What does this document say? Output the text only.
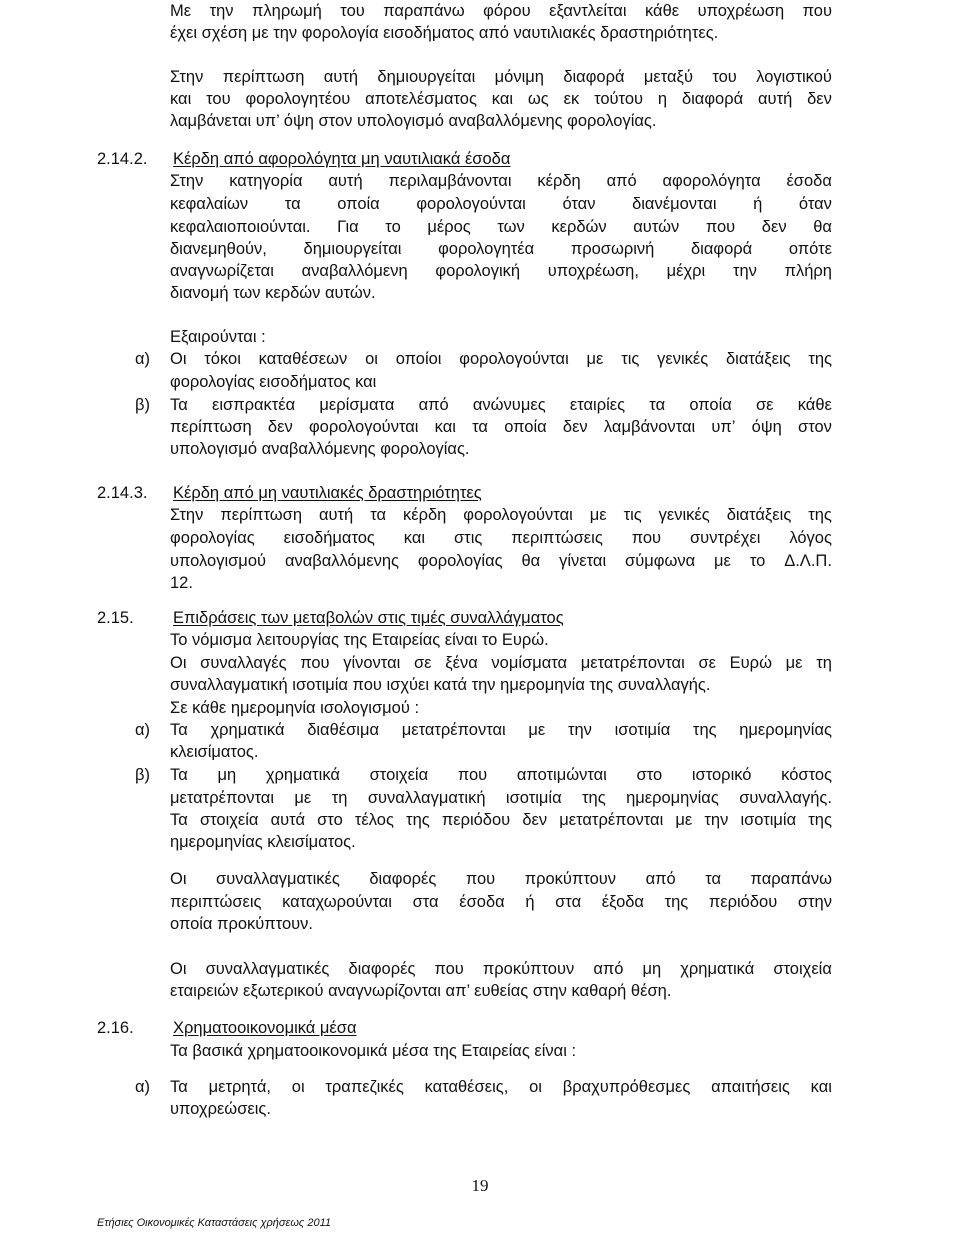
Με την πληρωμή του παραπάνω φόρου εξαντλείται κάθε υποχρέωση που
έχει σχέση με την φορολογία εισοδήματος από ναυτιλιακές δραστηριότητες.
Στην περίπτωση αυτή δημιουργείται μόνιμη διαφορά μεταξύ του λογιστικού
και του φορολογητέου αποτελέσματος και ως εκ τούτου η διαφορά αυτή δεν
λαμβάνεται υπ’ όψη στον υπολογισμό αναβαλλόμενης φορολογίας.
2.14.2. Κέρδη από αφορολόγητα μη ναυτιλιακά έσοδα
Στην κατηγορία αυτή περιλαμβάνονται κέρδη από αφορολόγητα έσοδα
κεφαλαίων τα οποία φορολογούνται όταν διανέμονται ή όταν
κεφαλαιοποιούνται. Για το μέρος των κερδών αυτών που δεν θα
διανεμηθούν, δημιουργείται φορολογητέα προσωρινή διαφορά οπότε
αναγνωρίζεται αναβαλλόμενη φορολογική υποχρέωση, μέχρι την πλήρη
διανομή των κερδών αυτών.
Εξαιρούνται :
α) Οι τόκοι καταθέσεων οι οποίοι φορολογούνται με τις γενικές διατάξεις της
φορολογίας εισοδήματος και
β) Τα εισπρακτέα μερίσματα από ανώνυμες εταιρίες τα οποία σε κάθε
περίπτωση δεν φορολογούνται και τα οποία δεν λαμβάνονται υπ’ όψη στον
υπολογισμό αναβαλλόμενης φορολογίας.
2.14.3. Κέρδη από μη ναυτιλιακές δραστηριότητες
Στην περίπτωση αυτή τα κέρδη φορολογούνται με τις γενικές διατάξεις της
φορολογίας εισοδήματος και στις περιπτώσεις που συντρέχει λόγος
υπολογισμού αναβαλλόμενης φορολογίας θα γίνεται σύμφωνα με το Δ.Λ.Π.
12.
2.15. Επιδράσεις των μεταβολών στις τιμές συναλλάγματος
Το νόμισμα λειτουργίας της Εταιρείας είναι το Ευρώ.
Οι συναλλαγές που γίνονται σε ξένα νομίσματα μετατρέπονται σε Ευρώ με τη
συναλλαγματική ισοτιμία που ισχύει κατά την ημερομηνία της συναλλαγής.
Σε κάθε ημερομηνία ισολογισμού :
α) Τα χρηματικά διαθέσιμα μετατρέπονται με την ισοτιμία της ημερομηνίας
κλεισίματος.
β) Τα μη χρηματικά στοιχεία που αποτιμώνται στο ιστορικό κόστος
μετατρέπονται με τη συναλλαγματική ισοτιμία της ημερομηνίας συναλλαγής.
Τα στοιχεία αυτά στο τέλος της περιόδου δεν μετατρέπονται με την ισοτιμία της
ημερομηνίας κλεισίματος.
Οι συναλλαγματικές διαφορές που προκύπτουν από τα παραπάνω
περιπτώσεις καταχωρούνται στα έσοδα ή στα έξοδα της περιόδου στην
οποία προκύπτουν.
Οι συναλλαγματικές διαφορές που προκύπτουν από μη χρηματικά στοιχεία
εταιρειών εξωτερικού αναγνωρίζονται απ’ ευθείας στην καθαρή θέση.
2.16. Χρηματοοικονομικά μέσα
Τα βασικά χρηματοοικονομικά μέσα της Εταιρείας είναι :
α) Τα μετρητά, οι τραπεζικές καταθέσεις, οι βραχυπρόθεσμες απαιτήσεις και
υποχρεώσεις.
19
Ετήσιες Οικονομικές Καταστάσεις χρήσεως 2011
